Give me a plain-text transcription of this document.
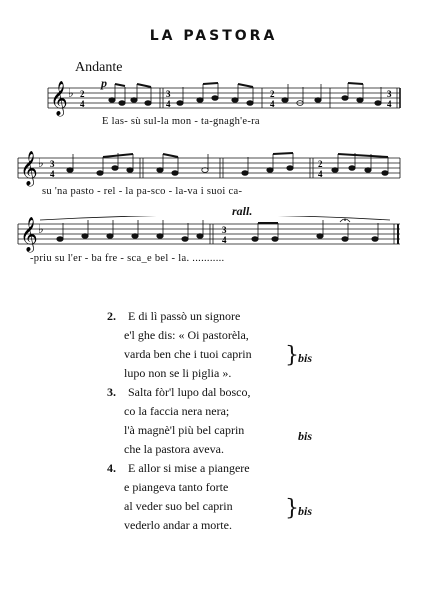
LA PASTORA
Andante
p
rall.
𝄞 ♭ 2
4
3
4
2
4
3
4
E las- sù sul-la mon - ta-gnagh'e-ra
𝄞 ♭ 3
4
2
4
su 'na pasto - rel - la pa-sco - la-va i suoi ca-
𝄞 ♭	3
4
-priu su l'er - ba fre - sca_e bel - la. ...........
2. E di lì passò un signore
e'l ghe dis: « Oi pastorèla,
varda ben che i tuoi caprin
lupo non se li piglia ».
} bis
3. Salta fòr'l lupo dal bosco,
co la faccia nera nera;
l'à magnè'l più bel caprin
che la pastora aveva.
bis
4. E allor si mise a piangere
e piangeva tanto forte
al veder suo bel caprin
vederlo andar a morte.
} bis
